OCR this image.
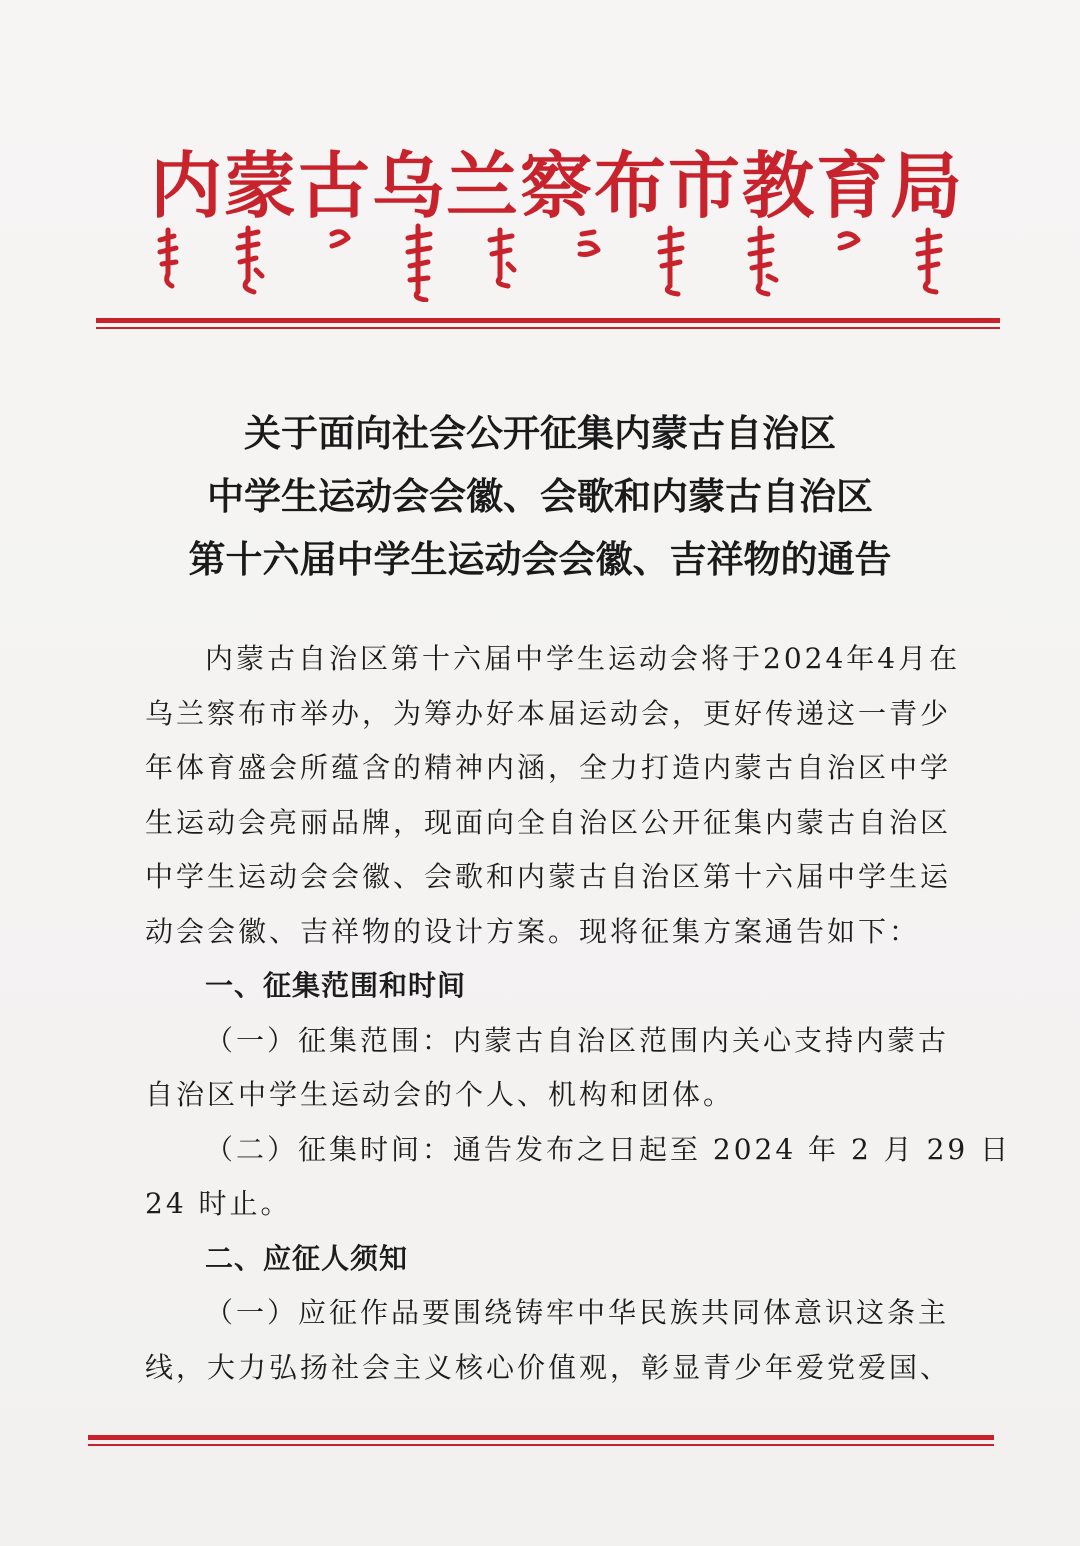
内蒙古乌兰察布市教育局
关于面向社会公开征集内蒙古自治区
中学生运动会会徽、会歌和内蒙古自治区
第十六届中学生运动会会徽、吉祥物的通告
内蒙古自治区第十六届中学生运动会将于2024年4月在
乌兰察布市举办，为筹办好本届运动会，更好传递这一青少
年体育盛会所蕴含的精神内涵，全力打造内蒙古自治区中学
生运动会亮丽品牌，现面向全自治区公开征集内蒙古自治区
中学生运动会会徽、会歌和内蒙古自治区第十六届中学生运
动会会徽、吉祥物的设计方案。现将征集方案通告如下：
一、征集范围和时间
（一）征集范围：内蒙古自治区范围内关心支持内蒙古
自治区中学生运动会的个人、机构和团体。
（二）征集时间：通告发布之日起至 2024 年 2 月 29 日
24 时止。
二、应征人须知
（一）应征作品要围绕铸牢中华民族共同体意识这条主
线，大力弘扬社会主义核心价值观，彰显青少年爱党爱国、
